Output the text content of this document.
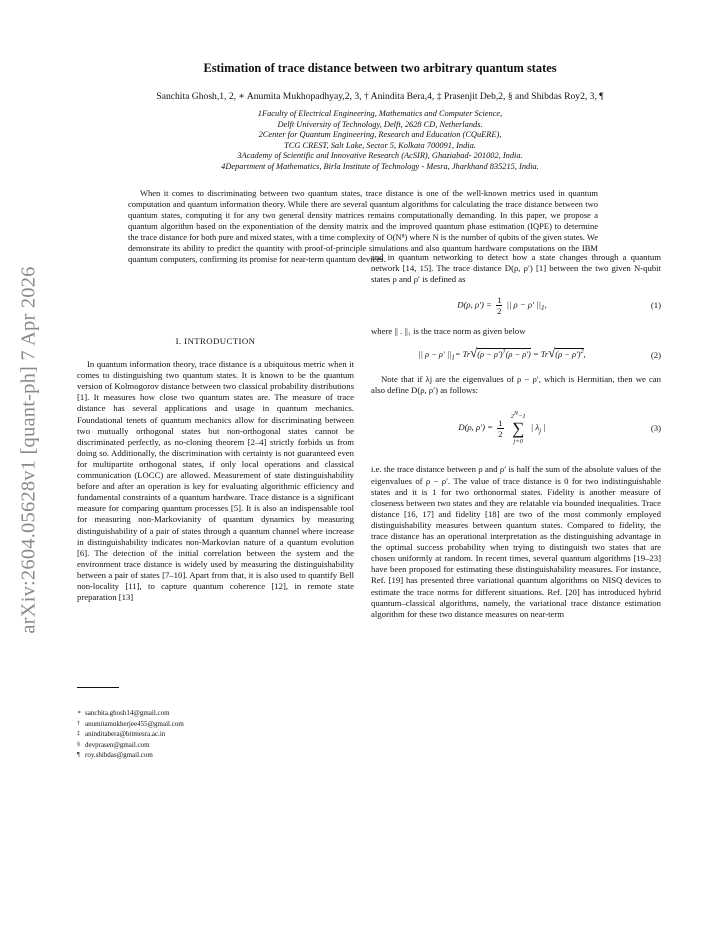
arXiv:2604.05628v1 [quant-ph] 7 Apr 2026
Estimation of trace distance between two arbitrary quantum states
Sanchita Ghosh,1, 2, ∗ Anumita Mukhopadhyay,2, 3, † Anindita Bera,4, ‡ Prasenjit Deb,2, § and Shibdas Roy2, 3, ¶
1Faculty of Electrical Engineering, Mathematics and Computer Science,
Delft University of Technology, Delft, 2628 CD, Netherlands.
2Center for Quantum Engineering, Research and Education (CQuERE),
TCG CREST, Salt Lake, Sector 5, Kolkata 700091, India.
3Academy of Scientific and Innovative Research (AcSIR), Ghaziabad- 201002, India.
4Department of Mathematics, Birla Institute of Technology - Mesra, Jharkhand 835215, India.
When it comes to discriminating between two quantum states, trace distance is one of the well-known metrics used in quantum computation and quantum information theory. While there are several quantum algorithms for calculating the trace distance between two quantum states, computing it for any two general density matrices remains computationally demanding. In this paper, we propose a quantum algorithm based on the exponentiation of the density matrix and the improved quantum phase estimation (IQPE) to determine the trace distance for both pure and mixed states, with a time complexity of O(N⁸) where N is the number of qubits of the given states. We demonstrate its ability to predict the quantity with proof-of-principle simulations and also quantum hardware computations on the IBM quantum computers, confirming its promise for near-term quantum devices.
I. INTRODUCTION

In quantum information theory, trace distance is a ubiquitous metric when it comes to distinguishing two quantum states. It is known to be the quantum version of Kolmogorov distance between two classical probability distributions [1]. It measures how close two quantum states are. The measure of trace distance has several applications and usage in quantum mechanics. Foundational tenets of quantum mechanics allow for discriminating between two mutually orthogonal states but non-orthogonal states cannot be discriminated perfectly, as no-cloning theorem [2–4] strictly forbids us from doing so. Additionally, the discrimination with certainty is not guaranteed even for multipartite orthogonal states, if only local operations and classical communication (LOCC) are allowed. Measurement of state distinguishability before and after an operation is key for evaluating algorithmic efficiency and fundamental constraints of a quantum hardware. Trace distance is a significant measure for comparing quantum processes [5]. It is also an indispensable tool for measuring non-Markovianity of quantum dynamics by measuring distinguishability of a pair of states through a quantum channel where increase in distinguishability indicates non-Markovian nature of a quantum evolution [6]. The detection of the initial correlation between the system and the environment trace distance is widely used by measuring the distinguishability between a pair of states [7–10]. Apart from that, it is also used to quantify Bell non-locality [11], to capture quantum coherence [12], in remote state preparation [13]

and in quantum networking to detect how a state changes through a quantum network [14, 15]. The trace distance D(ρ, ρ′) [1] between the two given N-qubit states ρ and ρ′ is defined as

D(ρ, $\rho') = \frac{1}{2}$ || ρ − ρ′ $||_1$,	(1)

where || . ||₁ is the trace norm as given below

|| ρ − ρ′ $||_1= Tr√(\rho - \rho')^\dagger(\rho - \rho') = Tr√(\rho - \rho')^2$,	(2)

Note that if λj are the eigenvalues of ρ − ρ′, which is Hermitian, then we can also define D(ρ, ρ′) as follows:

D(ρ, $\rho') = \frac{1}{2}$

$2^N-1$
∑
j=0
| $\lambda_j$ |	(3)

i.e. the trace distance between ρ and ρ′ is half the sum of the absolute values of the eigenvalues of ρ − ρ′. The value of trace distance is 0 for two indistinguishable states and it is 1 for two orthonormal states. Fidelity is another measure of closeness between two states and they are relatable via bounded inequalities. Trace distance [16, 17] and fidelity [18] are two of the most commonly employed distinguishability measures between quantum states. Compared to fidelity, the trace distance has an operational interpretation as the distinguishing advantage in the optimal success probability when trying to distinguish two states that are chosen uniformly at random. In recent times, several quantum algorithms [19–23] have been proposed for estimating these distinguishability measures. For instance, Ref. [19] has presented three variational quantum algorithms on NISQ devices to estimate the trace norms for different situations. Ref. [20] has introduced hybrid quantum–classical algorithms, namely, the variational trace distance estimation algorithm for these two distance measures on near-term

∗ sanchita.ghosh14@gmail.com
† anumitamukherjee455@gmail.com
‡ aninditabera@bitmesra.ac.in
§ devprasen@gmail.com
¶ roy.shibdas@gmail.com
